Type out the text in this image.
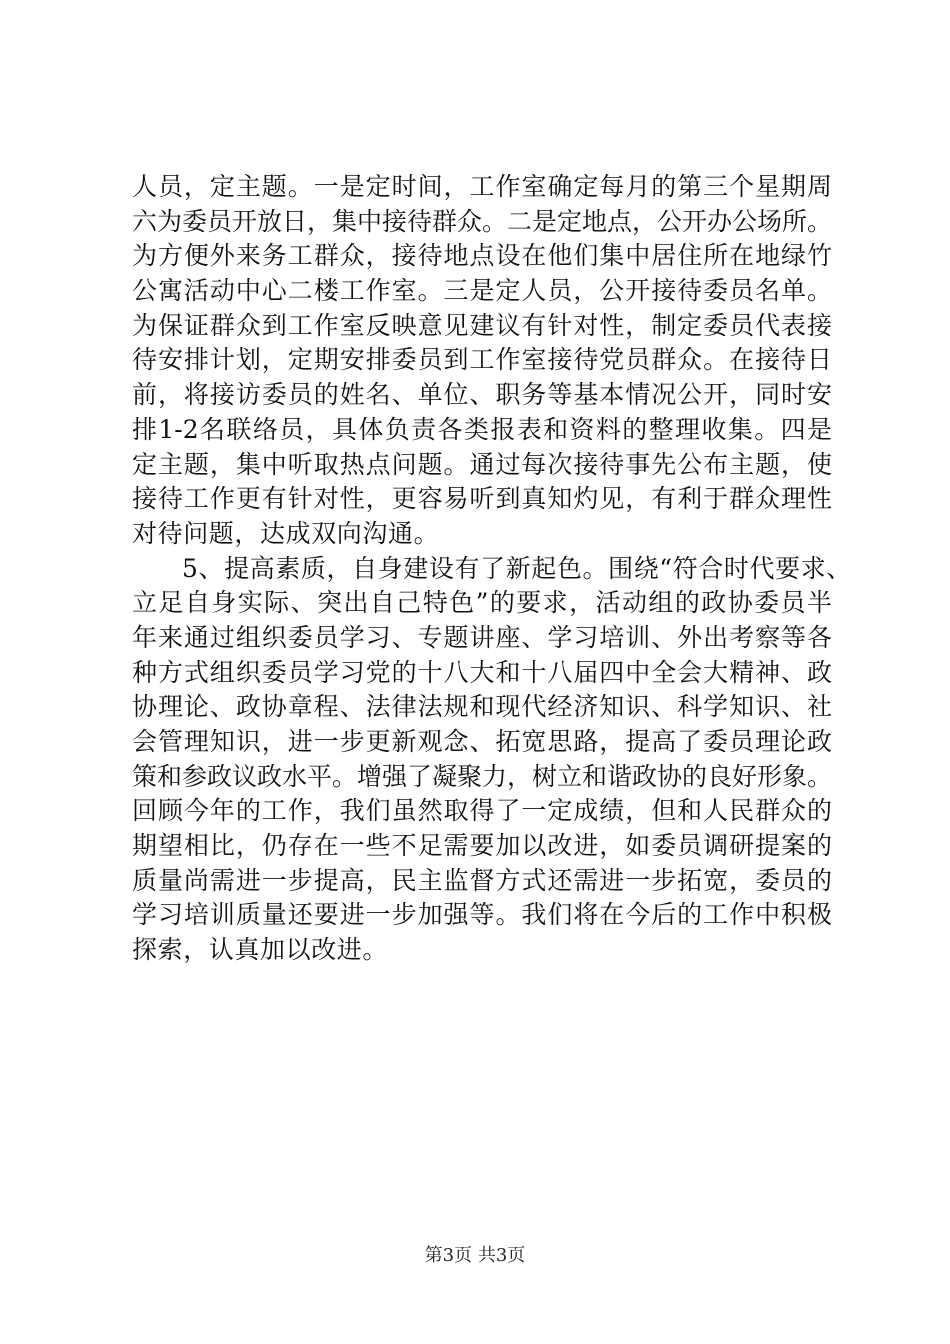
人员，定主题。一是定时间，工作室确定每月的第三个星期周
六为委员开放日，集中接待群众。二是定地点，公开办公场所。
为方便外来务工群众，接待地点设在他们集中居住所在地绿竹
公寓活动中心二楼工作室。三是定人员，公开接待委员名单。
为保证群众到工作室反映意见建议有针对性，制定委员代表接
待安排计划，定期安排委员到工作室接待党员群众。在接待日
前，将接访委员的姓名、单位、职务等基本情况公开，同时安
排1-2名联络员，具体负责各类报表和资料的整理收集。四是
定主题，集中听取热点问题。通过每次接待事先公布主题，使
接待工作更有针对性，更容易听到真知灼见，有利于群众理性
对待问题，达成双向沟通。
5、提高素质，自身建设有了新起色。围绕“符合时代要求、
立足自身实际、突出自己特色”的要求，活动组的政协委员半
年来通过组织委员学习、专题讲座、学习培训、外出考察等各
种方式组织委员学习党的十八大和十八届四中全会大精神、政
协理论、政协章程、法律法规和现代经济知识、科学知识、社
会管理知识，进一步更新观念、拓宽思路，提高了委员理论政
策和参政议政水平。增强了凝聚力，树立和谐政协的良好形象。
回顾今年的工作，我们虽然取得了一定成绩，但和人民群众的
期望相比，仍存在一些不足需要加以改进，如委员调研提案的
质量尚需进一步提高，民主监督方式还需进一步拓宽，委员的
学习培训质量还要进一步加强等。我们将在今后的工作中积极
探索，认真加以改进。
第3页 共3页
